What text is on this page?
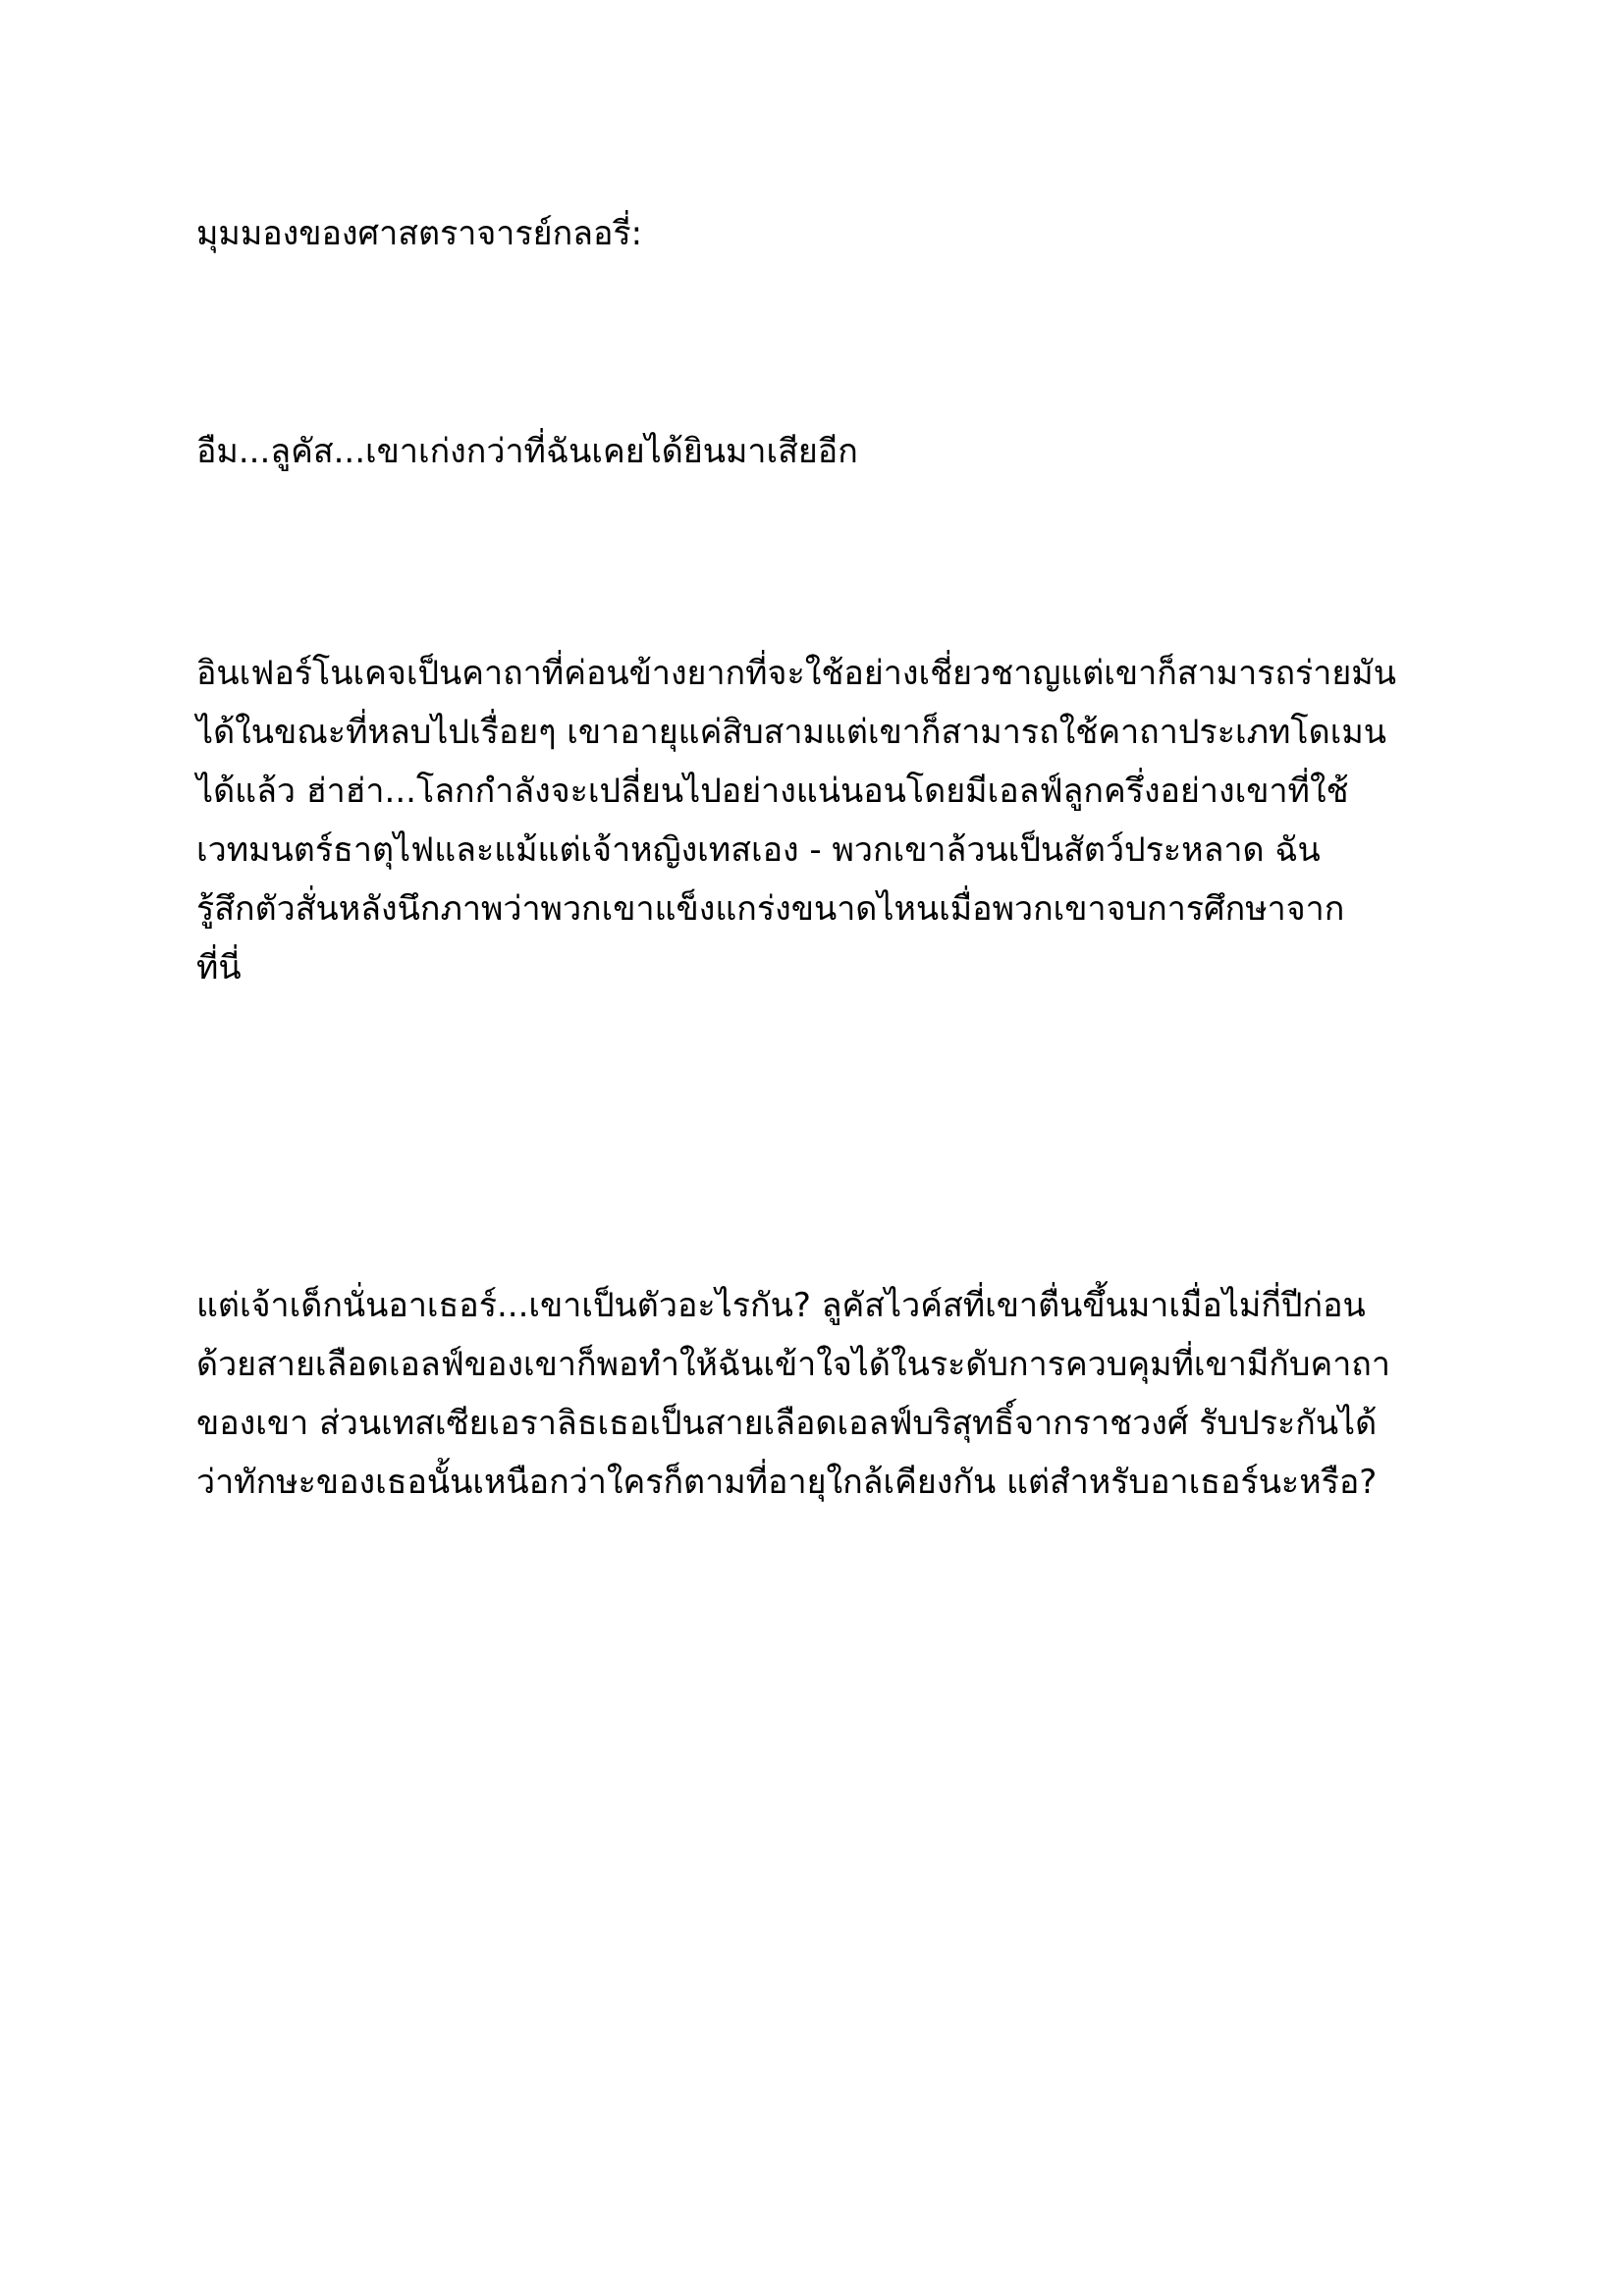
มุมมองของศาสตราจารย์กลอรี่:

อืม...ลูคัส...เขาเก่งกว่าที่ฉันเคยได้ยินมาเสียอีก

อินเฟอร์โนเคจเป็นคาถาที่ค่อนข้างยากที่จะใช้อย่างเชี่ยวชาญแต่เขาก็สามารถร่ายมัน
ได้ในขณะที่หลบไปเรื่อยๆ เขาอายุแค่สิบสามแต่เขาก็สามารถใช้คาถาประเภทโดเมน
ได้แล้ว ฮ่าฮ่า...โลกกำลังจะเปลี่ยนไปอย่างแน่นอนโดยมีเอลฟ์ลูกครึ่งอย่างเขาที่ใช้
เวทมนตร์ธาตุไฟและแม้แต่เจ้าหญิงเทสเอง - พวกเขาล้วนเป็นสัตว์ประหลาด ฉัน
รู้สึกตัวสั่นหลังนึกภาพว่าพวกเขาแข็งแกร่งขนาดไหนเมื่อพวกเขาจบการศึกษาจาก
ที่นี่

แต่เจ้าเด็กนั่นอาเธอร์...เขาเป็นตัวอะไรกัน? ลูคัสไวค์สที่เขาตื่นขึ้นมาเมื่อไม่กี่ปีก่อน
ด้วยสายเลือดเอลฟ์ของเขาก็พอทำให้ฉันเข้าใจได้ในระดับการควบคุมที่เขามีกับคาถา
ของเขา ส่วนเทสเซียเอราลิธเธอเป็นสายเลือดเอลฟ์บริสุทธิ์จากราชวงศ์ รับประกันได้
ว่าทักษะของเธอนั้นเหนือกว่าใครก็ตามที่อายุใกล้เคียงกัน แต่สำหรับอาเธอร์นะหรือ?
